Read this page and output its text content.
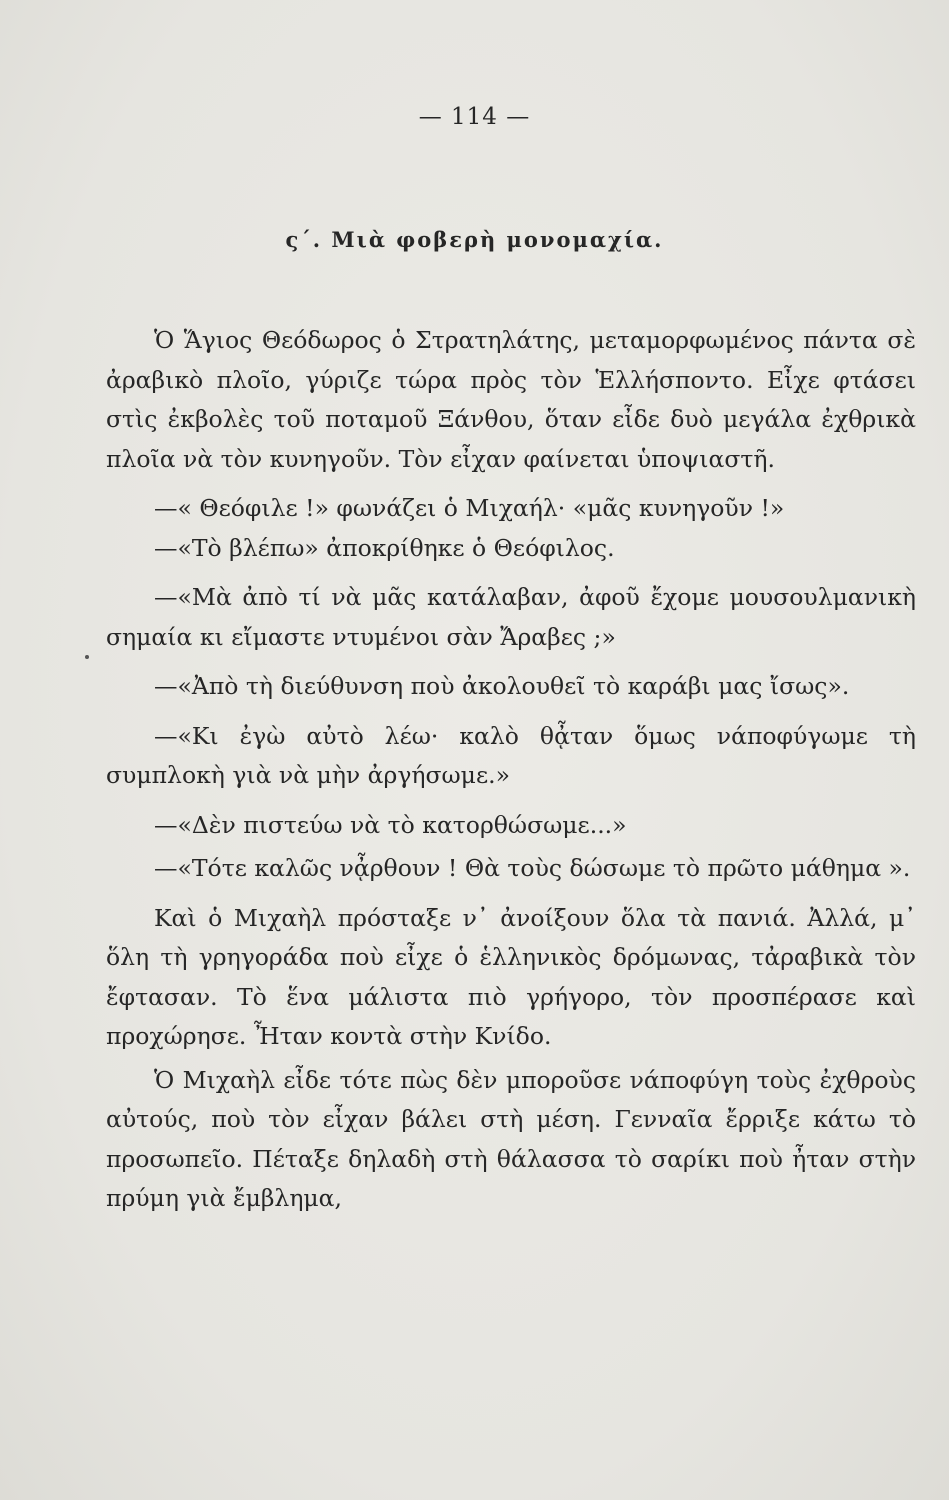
— 114 —
ς΄. Μιὰ φοβερὴ μονομαχία.

Ὁ Ἅγιος Θεόδωρος ὁ Στρατηλάτης, μεταμορφωμένος πάντα σὲ ἀραβικὸ πλοῖο, γύριζε τώρα πρὸς τὸν Ἑλλήσποντο. Εἶχε φτάσει στὶς ἐκβολὲς τοῦ ποταμοῦ Ξάνθου, ὅταν εἶδε δυὸ μεγάλα ἐχθρικὰ πλοῖα νὰ τὸν κυνηγοῦν. Τὸν εἶχαν φαίνεται ὑποψιαστῆ.

—« Θεόφιλε !» φωνάζει ὁ Μιχαήλ· «μᾶς κυνηγοῦν !»

—«Τὸ βλέπω» ἀποκρίθηκε ὁ Θεόφιλος.

—«Μὰ ἀπὸ τί νὰ μᾶς κατάλαβαν, ἀφοῦ ἔχομε μουσουλμανικὴ σημαία κι εἴμαστε ντυμένοι σὰν Ἄραβες ;»

—«Ἀπὸ τὴ διεύθυνση ποὺ ἀκολουθεῖ τὸ καράβι μας ἴσως».

—«Κι ἐγὼ αὐτὸ λέω· καλὸ θᾆταν ὅμως νάποφύγωμε τὴ συμπλοκὴ γιὰ νὰ μὴν ἀργήσωμε.»

—«Δὲν πιστεύω νὰ τὸ κατορθώσωμε...»

—«Τότε καλῶς νᾆρθουν ! Θὰ τοὺς δώσωμε τὸ πρῶτο μάθημα ».

Καὶ ὁ Μιχαὴλ πρόσταξε ν᾽ ἀνοίξουν ὅλα τὰ πανιά. Ἀλλά, μ᾽ ὅλη τὴ γρηγοράδα ποὺ εἶχε ὁ ἑλληνικὸς δρόμωνας, τἀραβικὰ τὸν ἔφτασαν. Τὸ ἕνα μάλιστα πιὸ γρήγορο, τὸν προσπέρασε καὶ προχώρησε. Ἦταν κοντὰ στὴν Κνίδο.

Ὁ Μιχαὴλ εἶδε τότε πὼς δὲν μποροῦσε νάποφύγη τοὺς ἐχθροὺς αὐτούς, ποὺ τὸν εἶχαν βάλει στὴ μέση. Γενναῖα ἔρριξε κάτω τὸ προσωπεῖο. Πέταξε δηλαδὴ στὴ θάλασσα τὸ σαρίκι ποὺ ἦταν στὴν πρύμη γιὰ ἔμβλημα,
